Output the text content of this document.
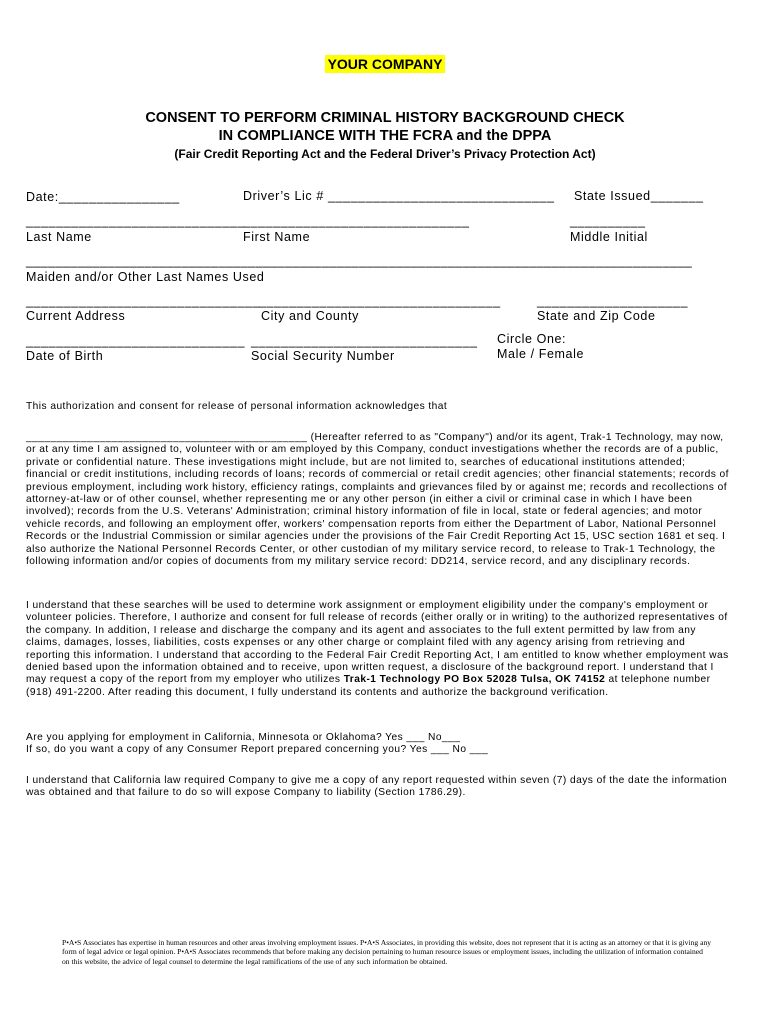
YOUR COMPANY
CONSENT TO PERFORM CRIMINAL HISTORY BACKGROUND CHECK
IN COMPLIANCE WITH THE FCRA and the DPPA
(Fair Credit Reporting Act and the Federal Driver’s Privacy Protection Act)
Date:________________	Driver’s Lic # ______________________________ State Issued_______
_____________________________
______________________________	__________
Last Name	First Name	Middle Initial
__________________________________________________________________________________________
Maiden and/or Other Last Names Used
_______________________________
________________________________	____________________
Current Address	City and County	State and Zip Code
_____________________________ ______________________________ Circle One:
Date of Birth	Social Security Number	Male / Female
This authorization and consent for release of personal information acknowledges that
______________________________________________ (Hereafter referred to as "Company") and/or its agent, Trak-1 Technology, may now, or at any time I am assigned to, volunteer with or am employed by this Company, conduct investigations whether the records are of a public, private or confidential nature. These investigations might include, but are not limited to, searches of educational institutions attended; financial or credit institutions, including records of loans; records of commercial or retail credit agencies; other financial statements; records of previous employment, including work history, efficiency ratings, complaints and grievances filed by or against me; records and recollections of attorney-at-law or of other counsel, whether representing me or any other person (in either a civil or criminal case in which I have been involved); records from the U.S. Veterans' Administration; criminal history information of file in local, state or federal agencies; and motor vehicle records, and following an employment offer, workers' compensation reports from either the Department of Labor, National Personnel Records or the Industrial Commission or similar agencies under the provisions of the Fair Credit Reporting Act 15, USC section 1681 et seq. I also authorize the National Personnel Records Center, or other custodian of my military service record, to release to Trak-1 Technology, the following information and/or copies of documents from my military service record: DD214, service record, and any disciplinary records.
I understand that these searches will be used to determine work assignment or employment eligibility under the company's employment or volunteer policies. Therefore, I authorize and consent for full release of records (either orally or in writing) to the authorized representatives of the company. In addition, I release and discharge the company and its agent and associates to the full extent permitted by law from any claims, damages, losses, liabilities, costs expenses or any other charge or complaint filed with any agency arising from retrieving and reporting this information. I understand that according to the Federal Fair Credit Reporting Act, I am entitled to know whether employment was denied based upon the information obtained and to receive, upon written request, a disclosure of the background report. I understand that I may request a copy of the report from my employer who utilizes Trak-1 Technology PO Box 52028 Tulsa, OK 74152 at telephone number (918) 491-2200. After reading this document, I fully understand its contents and authorize the background verification.
Are you applying for employment in California, Minnesota or Oklahoma? Yes ___ No___
If so, do you want a copy of any Consumer Report prepared concerning you? Yes ___ No ___
I understand that California law required Company to give me a copy of any report requested within seven (7) days of the date the information was obtained and that failure to do so will expose Company to liability (Section 1786.29).
P•A•S Associates has expertise in human resources and other areas involving employment issues. P•A•S Associates, in providing this website, does not represent that it is acting as an attorney or that it is giving any form of legal advice or legal opinion. P•A•S Associates recommends that before making any decision pertaining to human resource issues or employment issues, including the utilization of information contained on this website, the advice of legal counsel to determine the legal ramifications of the use of any such information be obtained.
